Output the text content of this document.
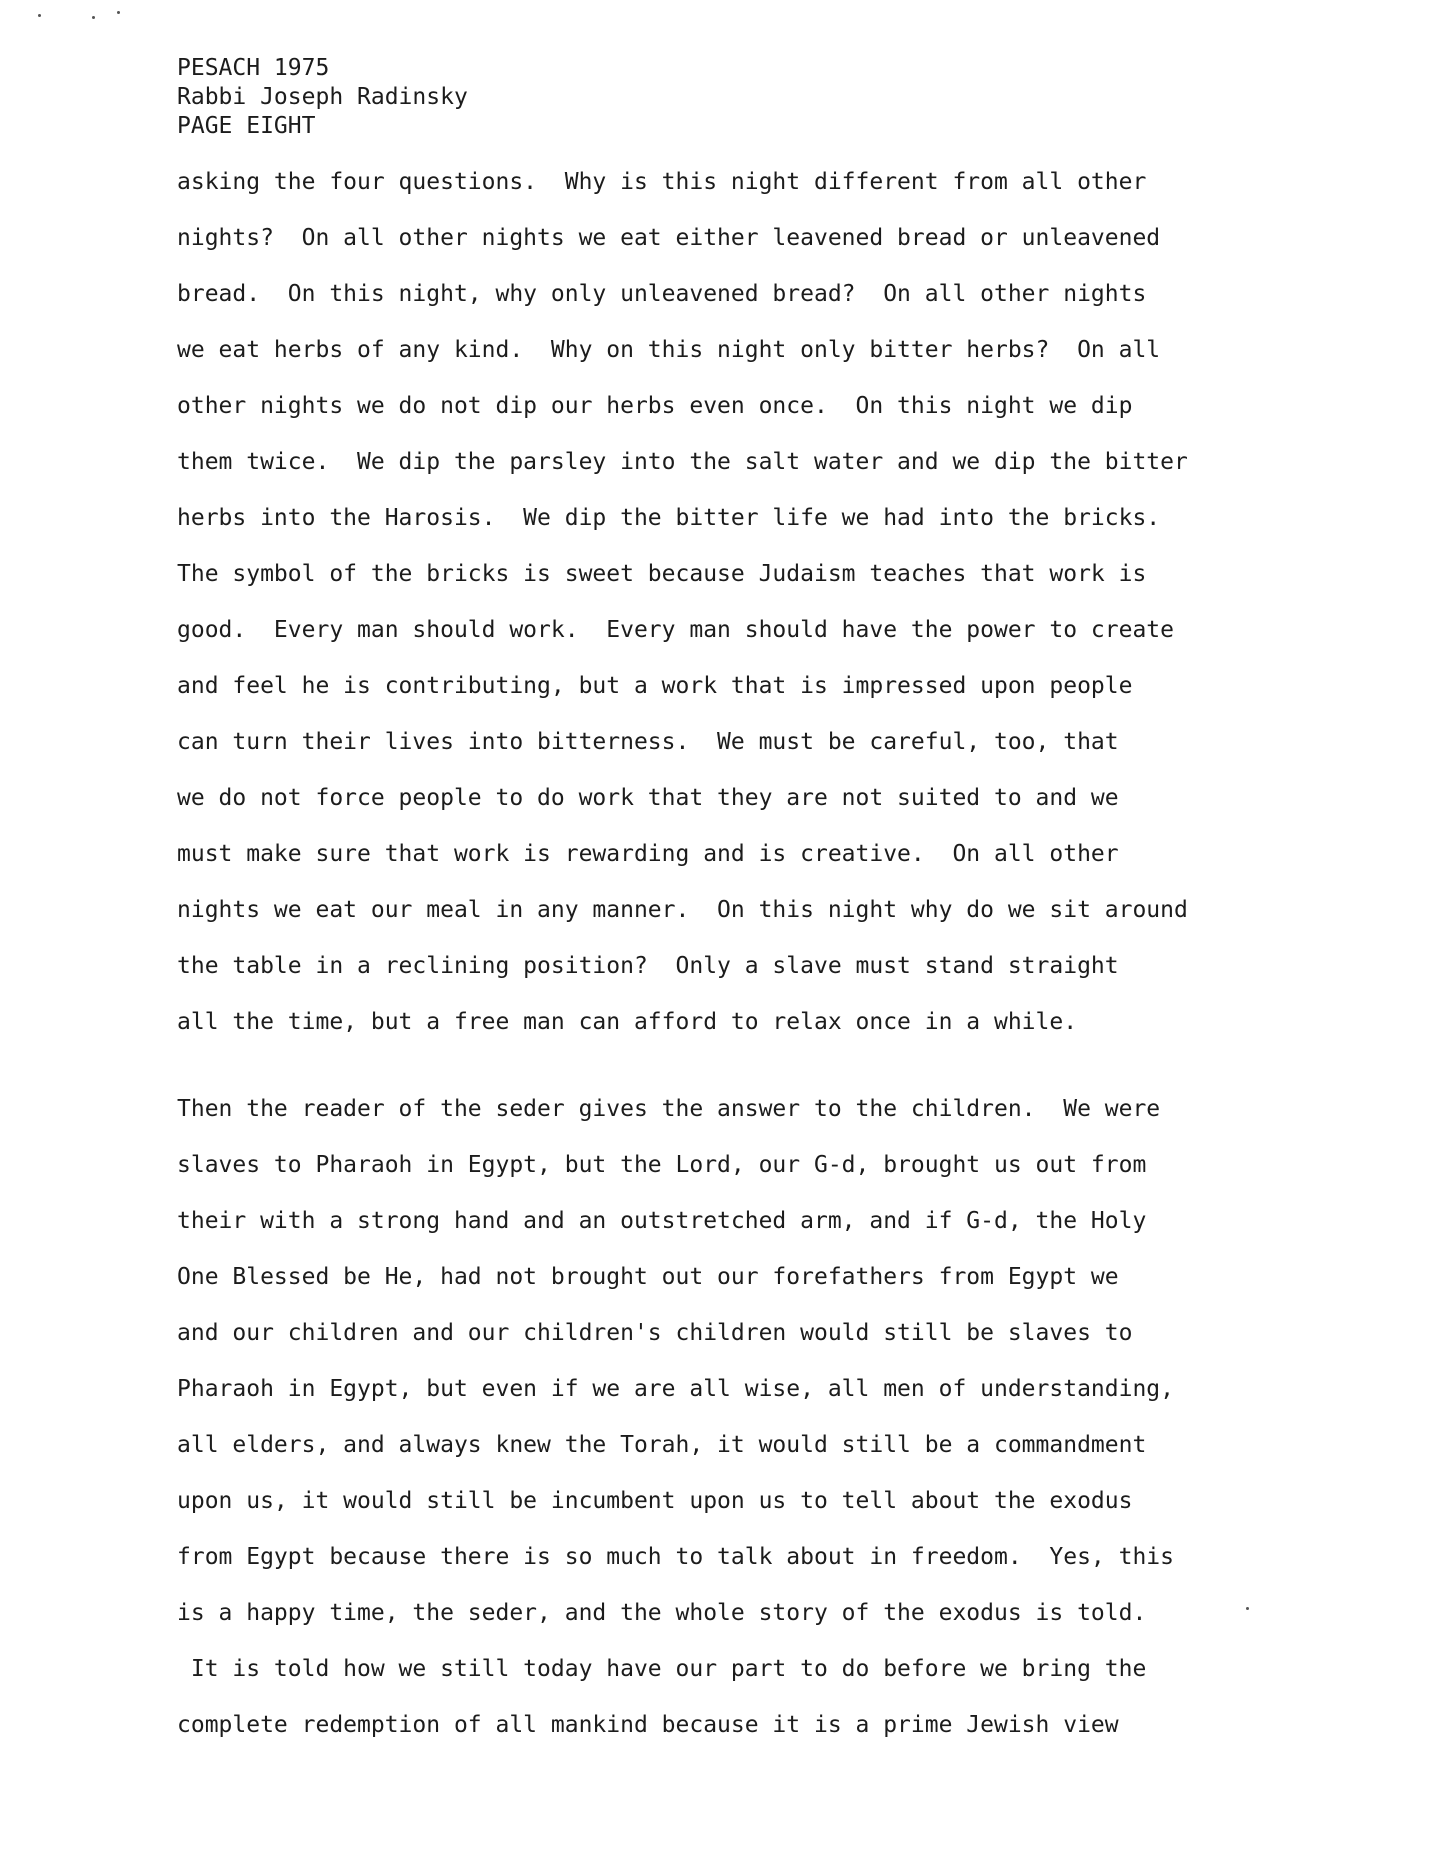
PESACH 1975
Rabbi Joseph Radinsky
PAGE EIGHT
asking the four questions.  Why is this night different from all other
nights?  On all other nights we eat either leavened bread or unleavened
bread.  On this night, why only unleavened bread?  On all other nights
we eat herbs of any kind.  Why on this night only bitter herbs?  On all
other nights we do not dip our herbs even once.  On this night we dip
them twice.  We dip the parsley into the salt water and we dip the bitter
herbs into the Harosis.  We dip the bitter life we had into the bricks.
The symbol of the bricks is sweet because Judaism teaches that work is
good.  Every man should work.  Every man should have the power to create
and feel he is contributing, but a work that is impressed upon people
can turn their lives into bitterness.  We must be careful, too, that
we do not force people to do work that they are not suited to and we
must make sure that work is rewarding and is creative.  On all other
nights we eat our meal in any manner.  On this night why do we sit around
the table in a reclining position?  Only a slave must stand straight
all the time, but a free man can afford to relax once in a while.
Then the reader of the seder gives the answer to the children.  We were
slaves to Pharaoh in Egypt, but the Lord, our G-d, brought us out from
their with a strong hand and an outstretched arm, and if G-d, the Holy
One Blessed be He, had not brought out our forefathers from Egypt we
and our children and our children's children would still be slaves to
Pharaoh in Egypt, but even if we are all wise, all men of understanding,
all elders, and always knew the Torah, it would still be a commandment
upon us, it would still be incumbent upon us to tell about the exodus
from Egypt because there is so much to talk about in freedom.  Yes, this
is a happy time, the seder, and the whole story of the exodus is told.
It is told how we still today have our part to do before we bring the
complete redemption of all mankind because it is a prime Jewish view
